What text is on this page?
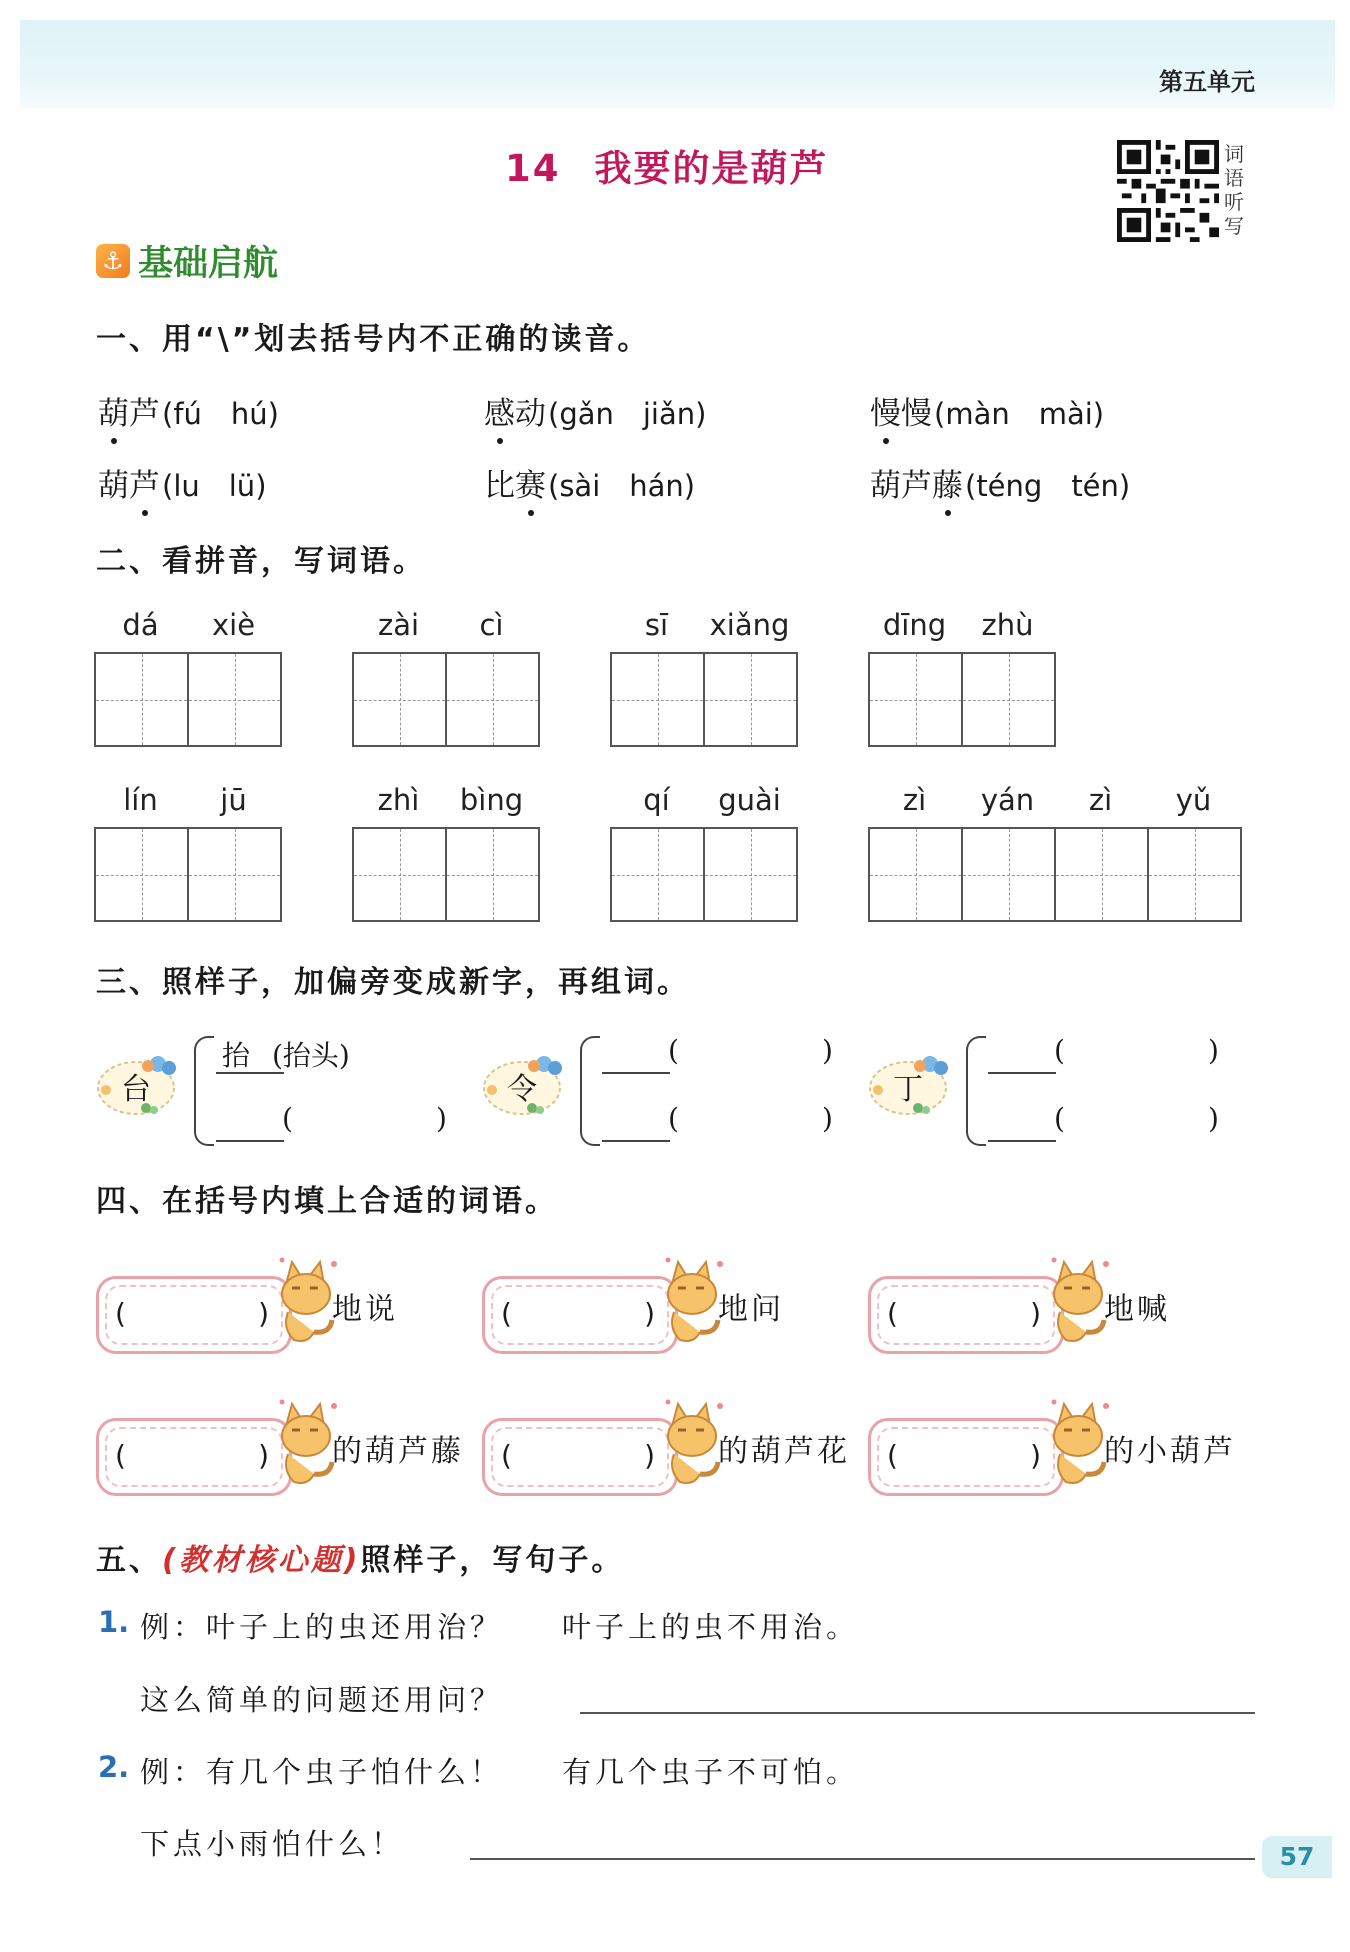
第五单元
14 我要的是葫芦	词语听写
⚓ 基础启航
一、用“\”划去括号内不正确的读音。
葫芦(fú　hú)	感动(gǎn　jiǎn)	慢慢(màn　mài)
葫芦(lu　lü)	比赛(sài　hán)	葫芦藤(téng　tén)
二、看拼音，写词语。
dá	xiè	zài	cì	sī	xiǎng	dīng	zhù
lín	jū	zhì	bìng	qí	guài	zì	yán	zì	yǔ
三、照样子，加偏旁变成新字，再组词。
台
抬 (抬头)
(	)
令
(	)
(	)
丁
(	)
(	)
四、在括号内填上合适的词语。
(	) 地说	(	) 地问	(	) 地喊
(	) 的葫芦藤 (	) 的葫芦花 (	) 的小葫芦
五、(教材核心题)照样子，写句子。
1. 例：叶子上的虫还用治？ 叶子上的虫不用治。
这么简单的问题还用问？
2. 例：有几个虫子怕什么！ 有几个虫子不可怕。
下点小雨怕什么！	57
